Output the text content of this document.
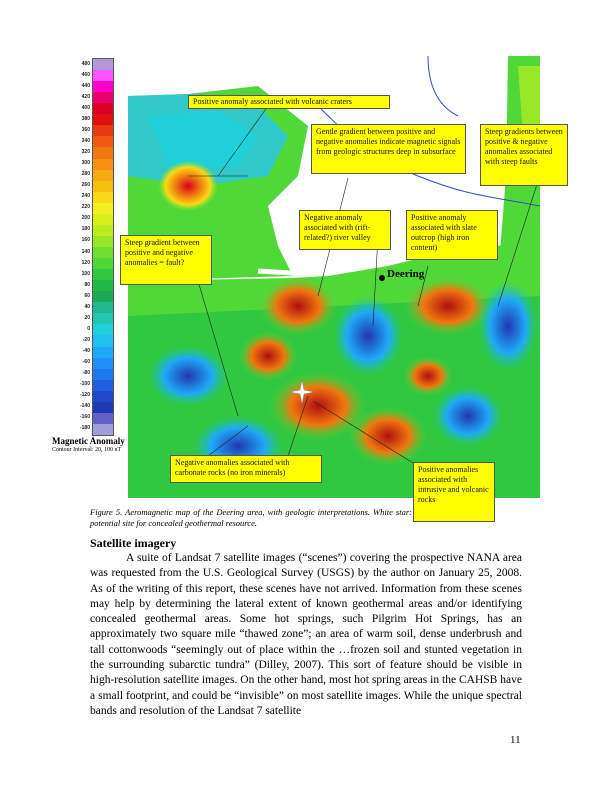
480
460
440
420
400
380
360
340
320
300
280
260
240
220
200
180
160
140
120
100
80
60
40
20
0
-20
-40
-60
-80
-100
-120
-140
-160
-180
Magnetic Anomaly
Contour Interval: 20, 100 nT
Positive anomaly associated with volcanic craters
Gentle gradient between positive and negative anomalies indicate magnetic signals from geologic structures deep in subsurface
Steep gradients between positive & negative anomalies associated with steep faults
Negative anomaly associated with (rift-related?) river valley
Positive anomaly associated with slate outcrop (high iron content)
Steep gradient between positive and negative anomalies = fault?
Negative anomalies associated with carbonate rocks (no iron minerals)	Positive anomalies associated with intrusive and volcanic rocks
Deering
Figure 5. Aeromagnetic map of the Deering area, with geologic interpretations. White star: potential site for concealed geothermal resource.
Satellite imagery
A suite of Landsat 7 satellite images (“scenes”) covering the prospective NANA area was requested from the U.S. Geological Survey (USGS) by the author on January 25, 2008. As of the writing of this report, these scenes have not arrived. Information from these scenes may help by determining the lateral extent of known geothermal areas and/or identifying concealed geothermal areas. Some hot springs, such Pilgrim Hot Springs, has an approximately two square mile “thawed zone”; an area of warm soil, dense underbrush and tall cottonwoods “seemingly out of place within the …frozen soil and stunted vegetation in the surrounding subarctic tundra” (Dilley, 2007). This sort of feature should be visible in high-resolution satellite images. On the other hand, most hot spring areas in the CAHSB have a small footprint, and could be “invisible” on most satellite images. While the unique spectral bands and resolution of the Landsat 7 satellite
11
